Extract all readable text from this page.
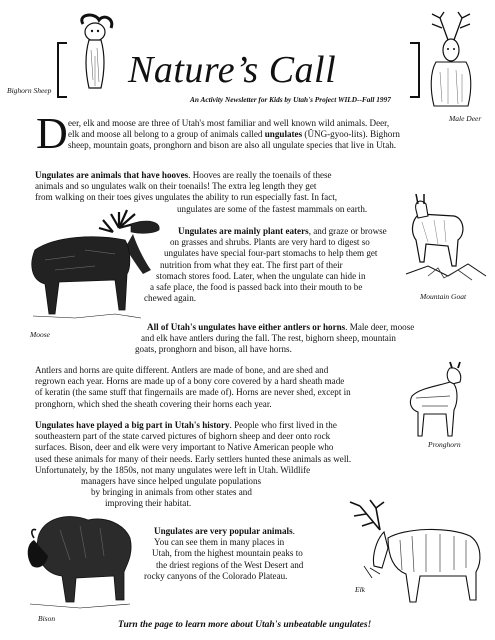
Nature’s Call
An Activity Newsletter for Kids by Utah's Project WILD--Fall 1997
Bighorn Sheep
Male Deer
D eer, elk and moose are three of Utah's most familiar and well known wild animals. Deer,
elk and moose all belong to a group of animals called ungulates (ŬNG-gyoo-lits). Bighorn
sheep, mountain goats, pronghorn and bison are also all ungulate species that live in Utah.
Ungulates are animals that have hooves. Hooves are really the toenails of these
animals and so ungulates walk on their toenails! The extra leg length they get
from walking on their toes gives ungulates the ability to run especially fast. In fact,
ungulates are some of the fastest mammals on earth.
Mountain Goat
Moose
Ungulates are mainly plant eaters, and graze or browse
on grasses and shrubs. Plants are very hard to digest so
ungulates have special four-part stomachs to help them get
nutrition from what they eat. The first part of their
stomach stores food. Later, when the ungulate can hide in
a safe place, the food is passed back into their mouth to be
chewed again.
All of Utah's ungulates have either antlers or horns. Male deer, moose
and elk have antlers during the fall. The rest, bighorn sheep, mountain
goats, pronghorn and bison, all have horns.
Antlers and horns are quite different. Antlers are made of bone, and are shed and
regrown each year. Horns are made up of a bony core covered by a hard sheath made
of keratin (the same stuff that fingernails are made of). Horns are never shed, except in
pronghorn, which shed the sheath covering their horns each year.
Pronghorn
Ungulates have played a big part in Utah's history. People who first lived in the
southeastern part of the state carved pictures of bighorn sheep and deer onto rock
surfaces. Bison, deer and elk were very important to Native American people who
used these animals for many of their needs. Early settlers hunted these animals as well.
Unfortunately, by the 1850s, not many ungulates were left in Utah. Wildlife
managers have since helped ungulate populations
by bringing in animals from other states and
improving their habitat.
Bison
Ungulates are very popular animals.
You can see them in many places in
Utah, from the highest mountain peaks to
the driest regions of the West Desert and
rocky canyons of the Colorado Plateau.
Elk
Turn the page to learn more about Utah's unbeatable ungulates!
